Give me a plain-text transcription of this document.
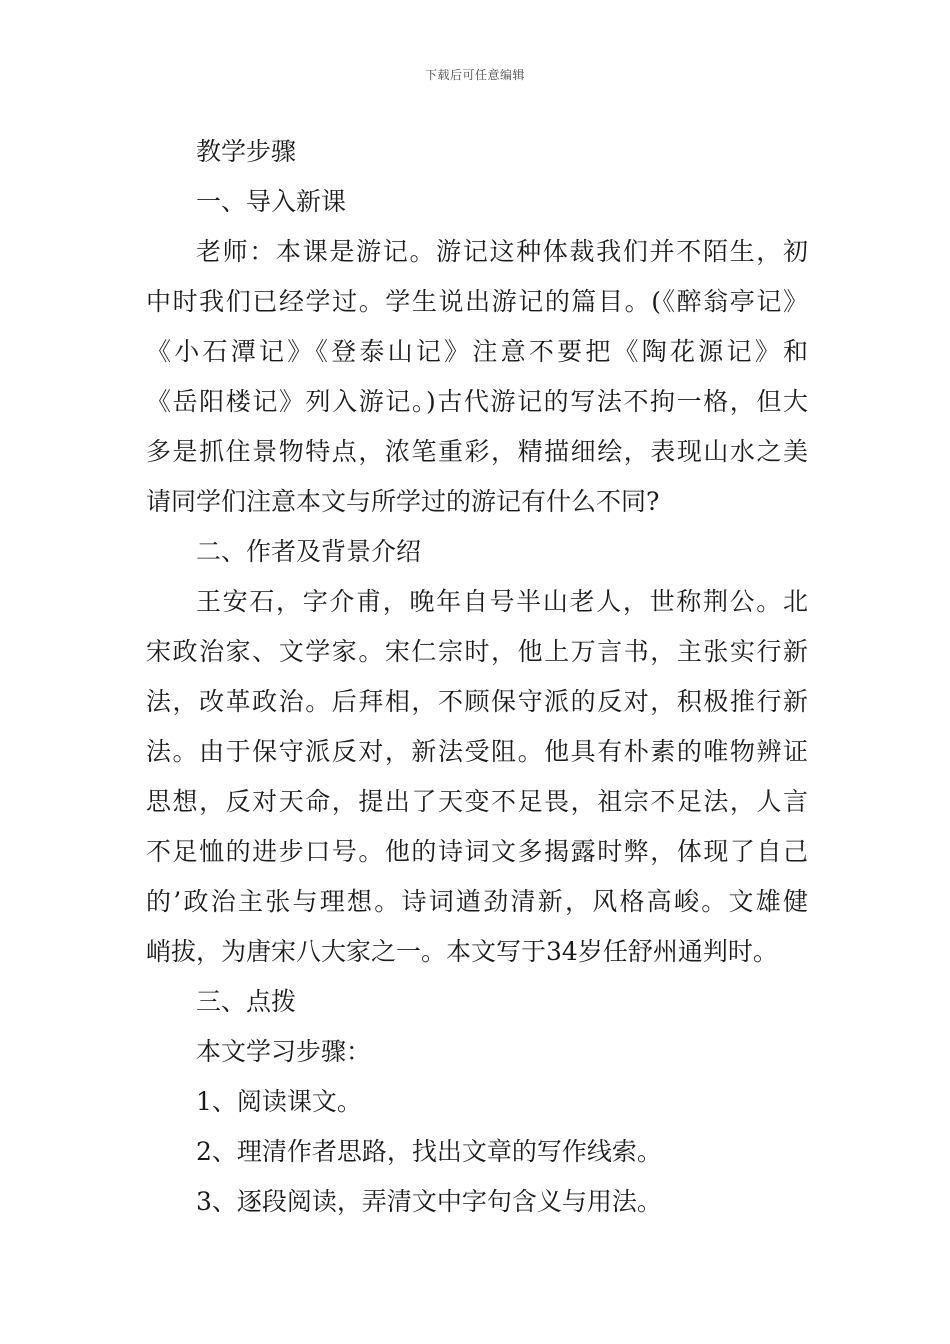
下载后可任意编辑
教学步骤
一、导入新课
老师：本课是游记。游记这种体裁我们并不陌生，初
中时我们已经学过。学生说出游记的篇目。(《醉翁亭记》
《小石潭记》《登泰山记》注意不要把《陶花源记》和
《岳阳楼记》列入游记。)古代游记的写法不拘一格，但大
多是抓住景物特点，浓笔重彩，精描细绘，表现山水之美
请同学们注意本文与所学过的游记有什么不同?
二、作者及背景介绍
王安石，字介甫，晚年自号半山老人，世称荆公。北
宋政治家、文学家。宋仁宗时，他上万言书，主张实行新
法，改革政治。后拜相，不顾保守派的反对，积极推行新
法。由于保守派反对，新法受阻。他具有朴素的唯物辨证
思想，反对天命，提出了天变不足畏，祖宗不足法，人言
不足恤的进步口号。他的诗词文多揭露时弊，体现了自己
的’政治主张与理想。诗词遒劲清新，风格高峻。文雄健
峭拔，为唐宋八大家之一。本文写于34岁任舒州通判时。
三、点拨
本文学习步骤：
1、阅读课文。
2、理清作者思路，找出文章的写作线索。
3、逐段阅读，弄清文中字句含义与用法。
